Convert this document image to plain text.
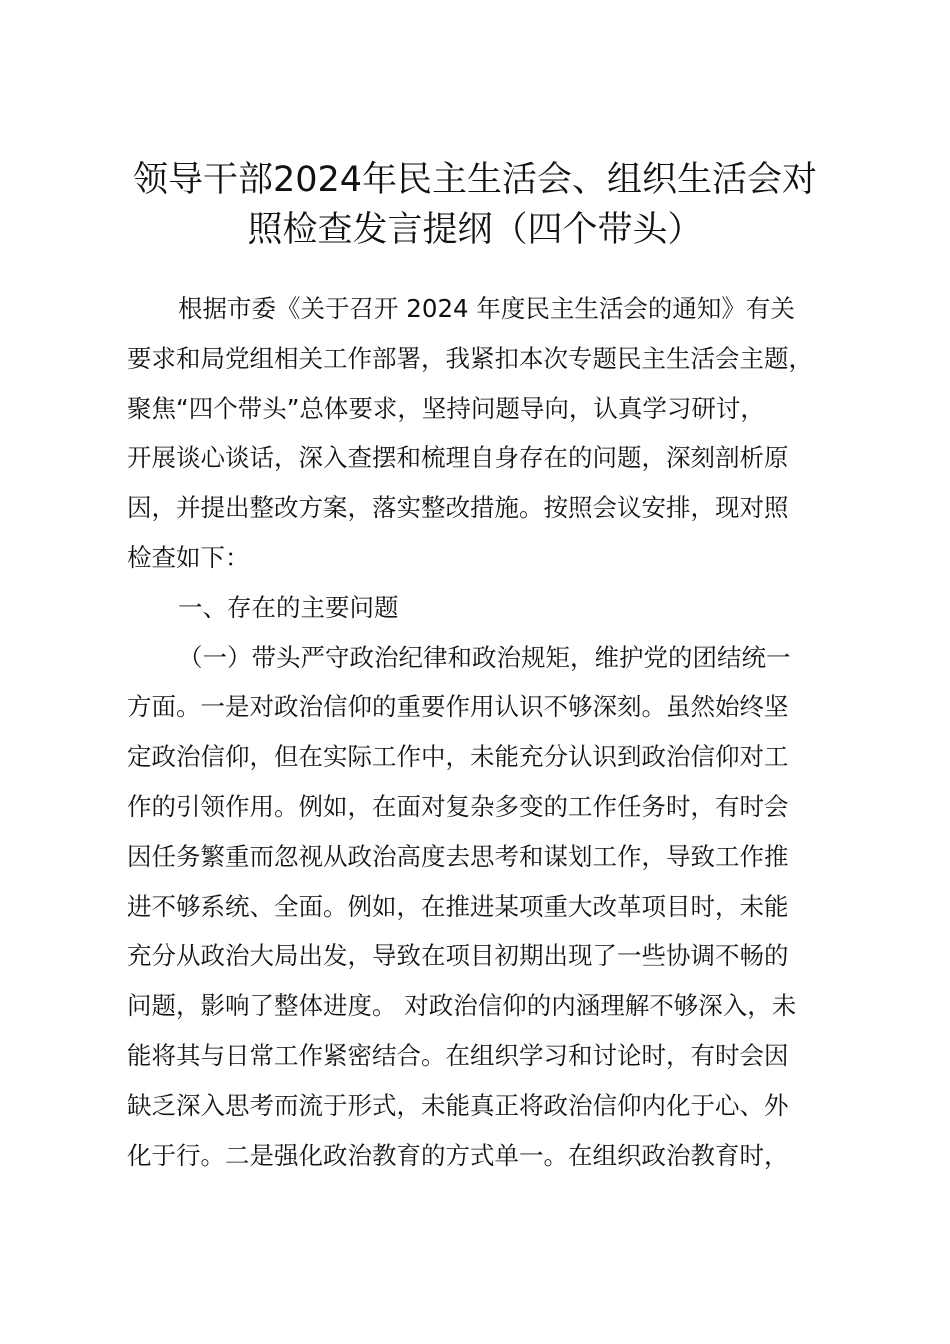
领导干部2024年民主生活会、组织生活会对
照检查发言提纲（四个带头）
根据市委《关于召开 2024 年度民主生活会的通知》有关
要求和局党组相关工作部署，我紧扣本次专题民主生活会主题，
聚焦“四个带头”总体要求，坚持问题导向，认真学习研讨，
开展谈心谈话，深入查摆和梳理自身存在的问题，深刻剖析原
因，并提出整改方案，落实整改措施。按照会议安排，现对照
检查如下：
一、存在的主要问题
（一）带头严守政治纪律和政治规矩，维护党的团结统一
方面。一是对政治信仰的重要作用认识不够深刻。虽然始终坚
定政治信仰，但在实际工作中，未能充分认识到政治信仰对工
作的引领作用。例如，在面对复杂多变的工作任务时，有时会
因任务繁重而忽视从政治高度去思考和谋划工作，导致工作推
进不够系统、全面。例如，在推进某项重大改革项目时，未能
充分从政治大局出发，导致在项目初期出现了一些协调不畅的
问题，影响了整体进度。 对政治信仰的内涵理解不够深入，未
能将其与日常工作紧密结合。在组织学习和讨论时，有时会因
缺乏深入思考而流于形式，未能真正将政治信仰内化于心、外
化于行。二是强化政治教育的方式单一。在组织政治教育时，
